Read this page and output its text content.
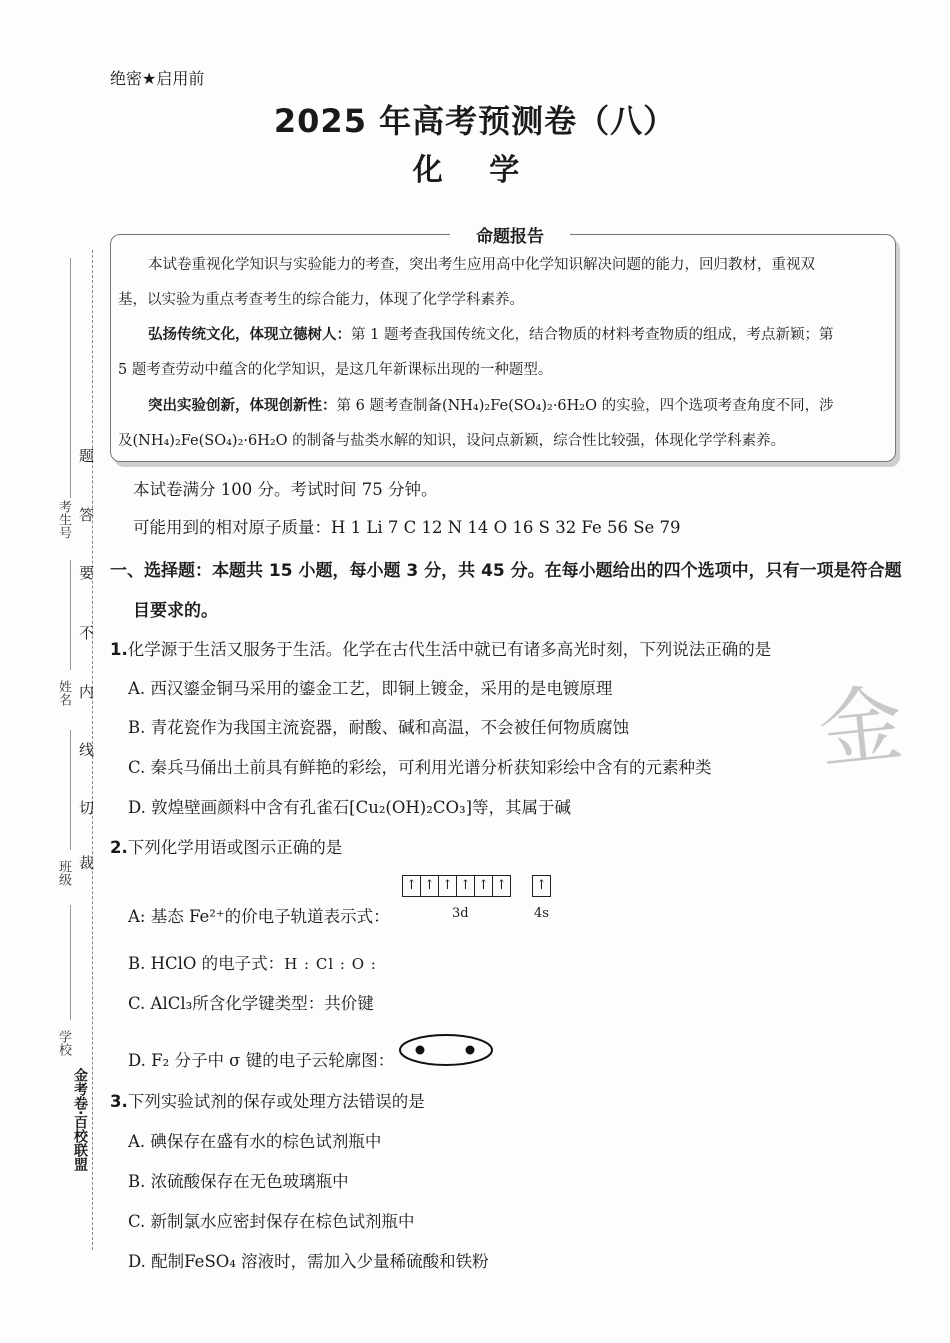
考生号
姓名
班级
学校
金考卷·百校联盟
题
答
要
不
内
线
切
裁
绝密★启用前
2025 年高考预测卷（八）
化 学
命题报告
本试卷重视化学知识与实验能力的考查，突出考生应用高中化学知识解决问题的能力，回归教材，重视双
基，以实验为重点考查考生的综合能力，体现了化学学科素养。
弘扬传统文化，体现立德树人：第 1 题考查我国传统文化，结合物质的材料考查物质的组成，考点新颖；第
5 题考查劳动中蕴含的化学知识，是这几年新课标出现的一种题型。
突出实验创新，体现创新性：第 6 题考查制备(NH₄)₂Fe(SO₄)₂·6H₂O 的实验，四个选项考查角度不同，涉
及(NH₄)₂Fe(SO₄)₂·6H₂O 的制备与盐类水解的知识，设问点新颖，综合性比较强，体现化学学科素养。
本试卷满分 100 分。考试时间 75 分钟。
可能用到的相对原子质量：H 1 Li 7 C 12 N 14 O 16 S 32 Fe 56 Se 79
一、选择题：本题共 15 小题，每小题 3 分，共 45 分。在每小题给出的四个选项中，只有一项是符合题
目要求的。
1.化学源于生活又服务于生活。化学在古代生活中就已有诸多高光时刻，下列说法正确的是
A. 西汉鎏金铜马采用的鎏金工艺，即铜上镀金，采用的是电镀原理
B. 青花瓷作为我国主流瓷器，耐酸、碱和高温，不会被任何物质腐蚀
C. 秦兵马俑出土前具有鲜艳的彩绘，可利用光谱分析获知彩绘中含有的元素种类
D. 敦煌壁画颜料中含有孔雀石[Cu₂(OH)₂CO₃]等，其属于碱
2.下列化学用语或图示正确的是
A: 基态 Fe²⁺的价电子轨道表示式：
↑ ↑ ↑ ↑ ↑ ↑ ↑
3d	4s
B. HClO 的电子式：H : Cl : O :
C. AlCl₃所含化学键类型：共价键
D. F₂ 分子中 σ 键的电子云轮廓图：
3.下列实验试剂的保存或处理方法错误的是
A. 碘保存在盛有水的棕色试剂瓶中
B. 浓硫酸保存在无色玻璃瓶中
C. 新制氯水应密封保存在棕色试剂瓶中
D. 配制FeSO₄ 溶液时，需加入少量稀硫酸和铁粉
金
